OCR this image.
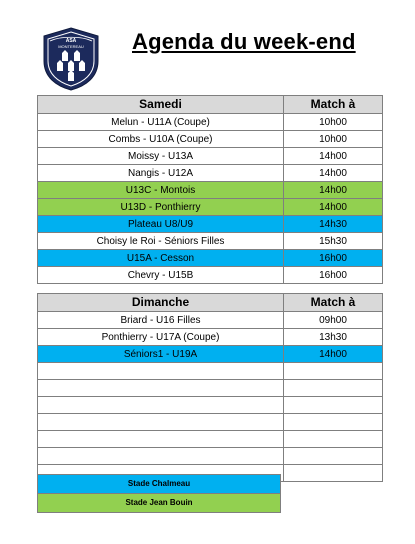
ASA
MONTEREAU Agenda du week-end
Samedi	Match à
Melun - U11A (Coupe)	10h00
Combs - U10A (Coupe)	10h00
Moissy - U13A	14h00
Nangis - U12A	14h00
U13C - Montois	14h00
U13D - Ponthierry	14h00
Plateau U8/U9	14h30
Choisy le Roi - Séniors Filles	15h30
U15A - Cesson	16h00
Chevry - U15B	16h00

Dimanche	Match à
Briard - U16 Filles	09h00
Ponthierry - U17A (Coupe)	13h30
Séniors1 - U19A	14h00

Stade Chalmeau
Stade Jean Bouin
